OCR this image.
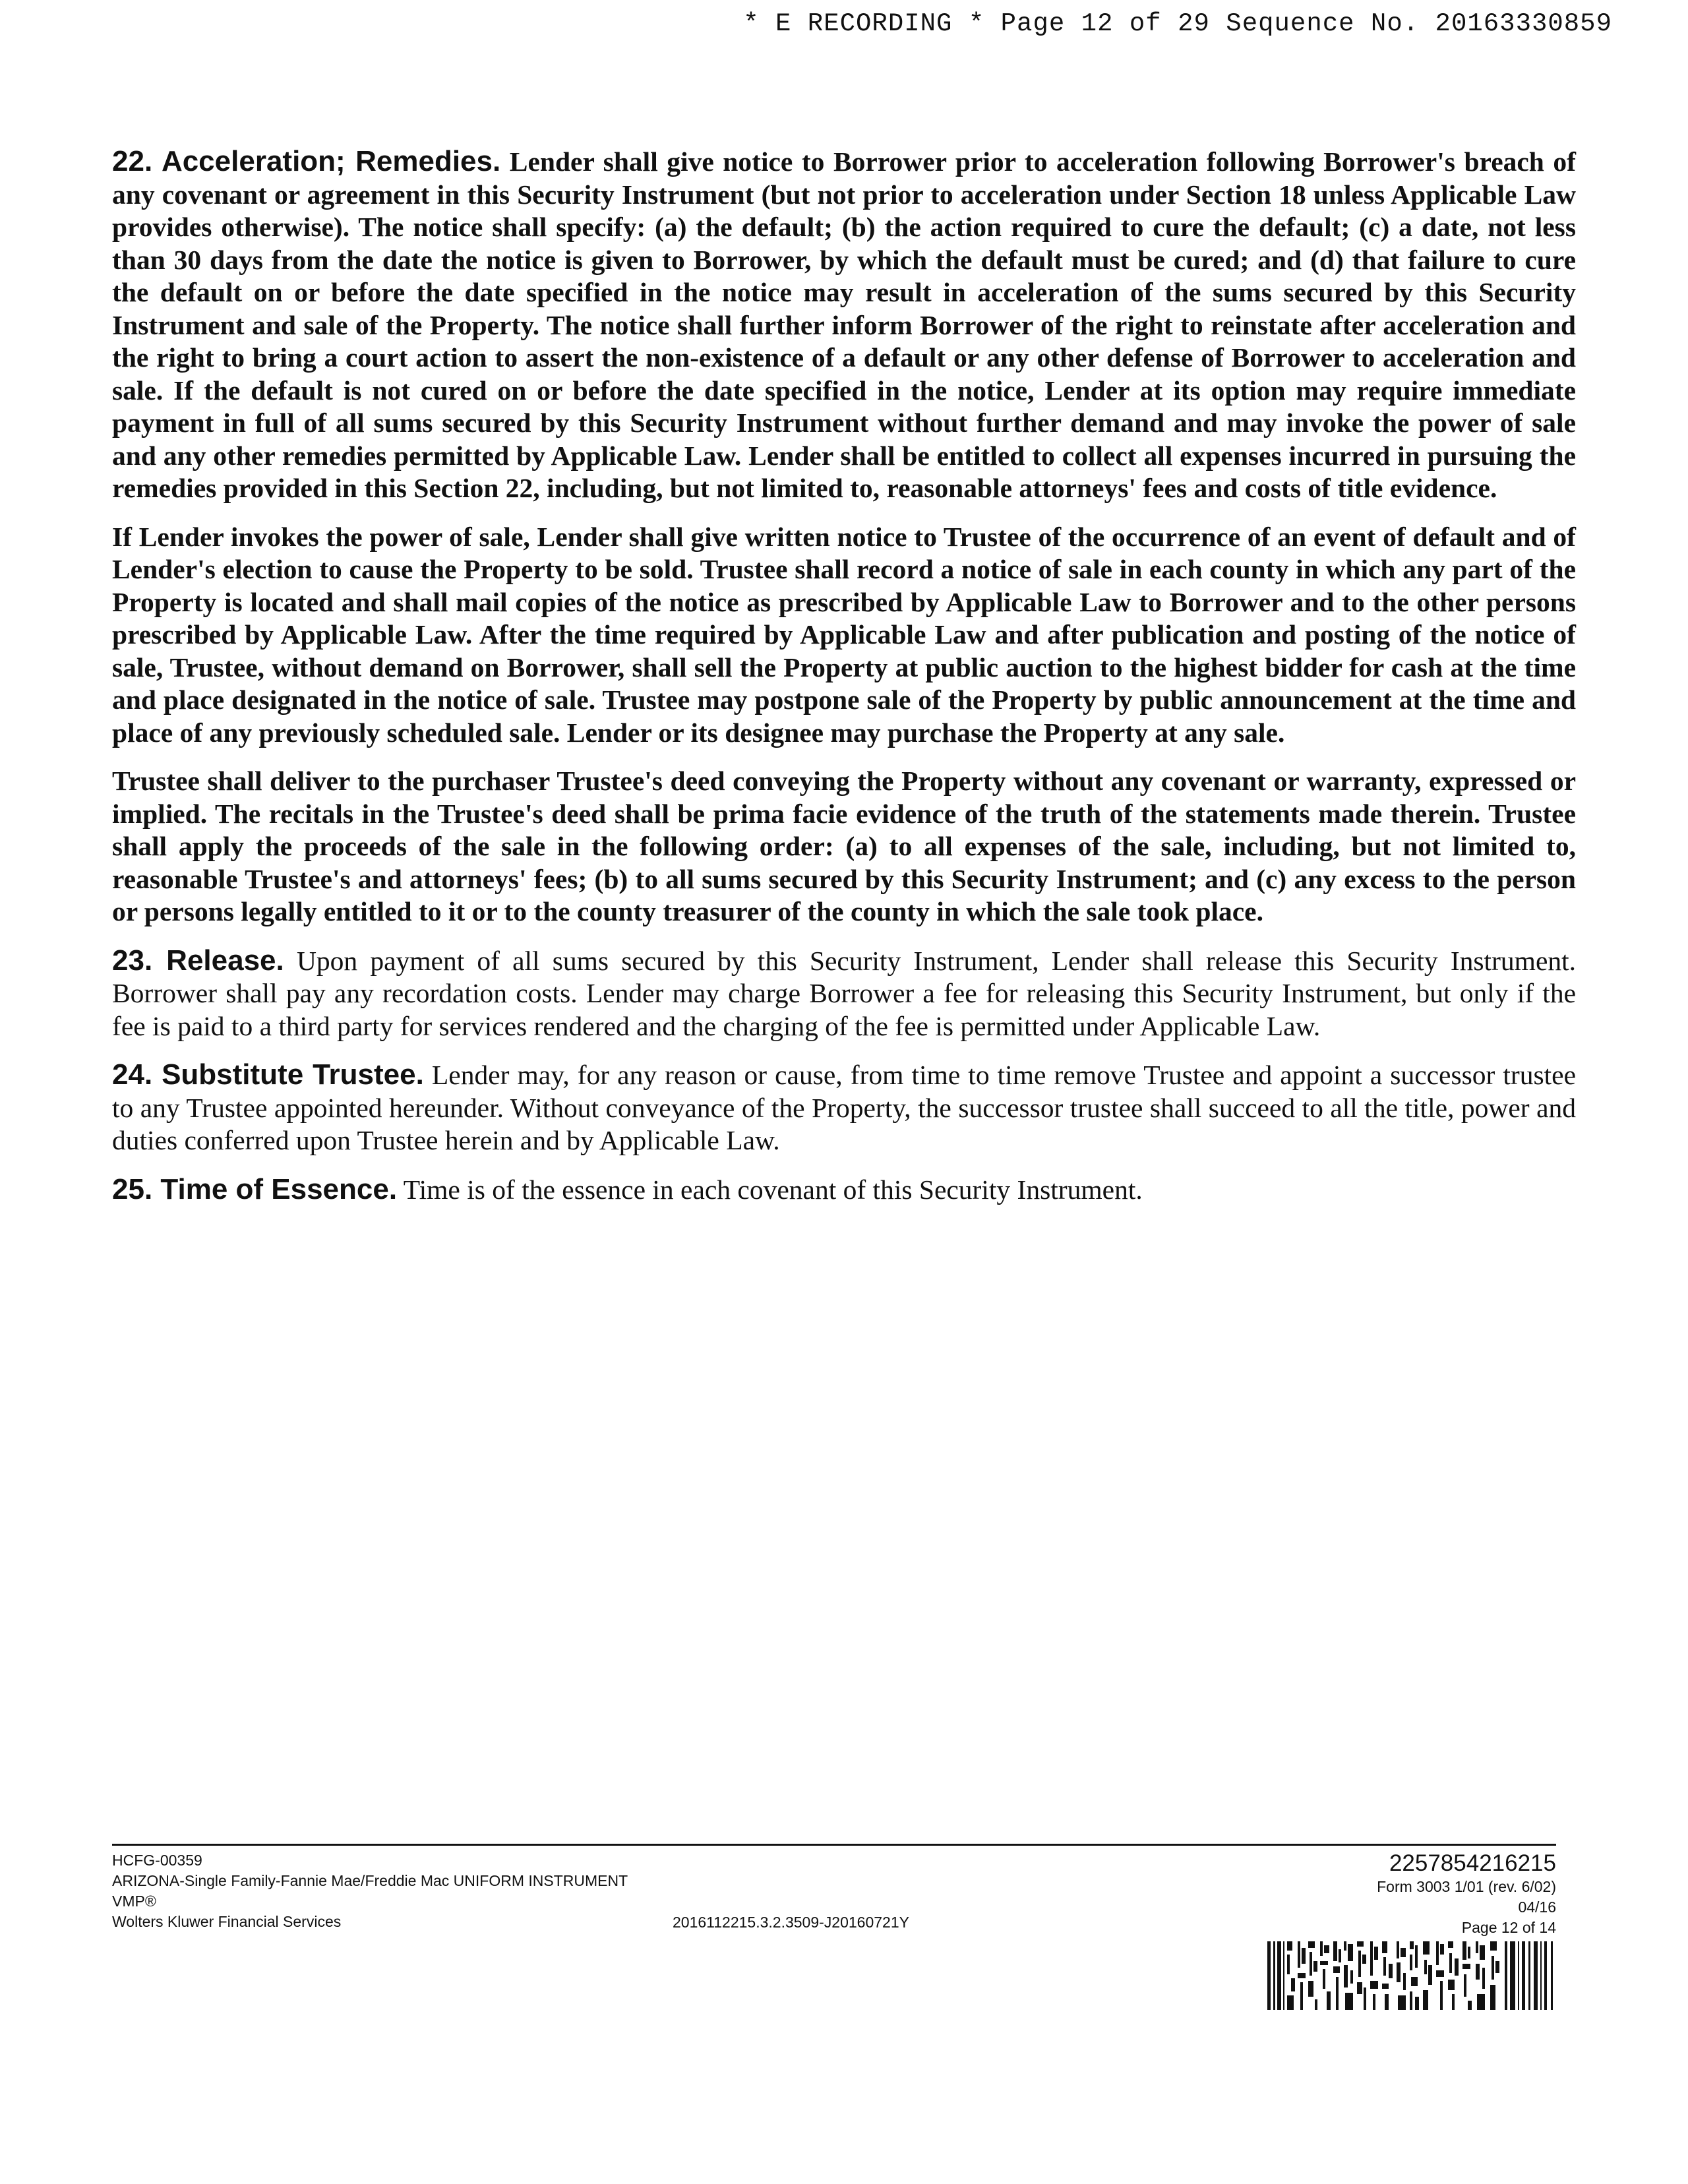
* E RECORDING * Page 12 of 29 Sequence No. 20163330859

22. Acceleration; Remedies. Lender shall give notice to Borrower prior to acceleration following Borrower's breach of any covenant or agreement in this Security Instrument (but not prior to acceleration under Section 18 unless Applicable Law provides otherwise). The notice shall specify: (a) the default; (b) the action required to cure the default; (c) a date, not less than 30 days from the date the notice is given to Borrower, by which the default must be cured; and (d) that failure to cure the default on or before the date specified in the notice may result in acceleration of the sums secured by this Security Instrument and sale of the Property. The notice shall further inform Borrower of the right to reinstate after acceleration and the right to bring a court action to assert the non-existence of a default or any other defense of Borrower to acceleration and sale. If the default is not cured on or before the date specified in the notice, Lender at its option may require immediate payment in full of all sums secured by this Security Instrument without further demand and may invoke the power of sale and any other remedies permitted by Applicable Law. Lender shall be entitled to collect all expenses incurred in pursuing the remedies provided in this Section 22, including, but not limited to, reasonable attorneys' fees and costs of title evidence.

If Lender invokes the power of sale, Lender shall give written notice to Trustee of the occurrence of an event of default and of Lender's election to cause the Property to be sold. Trustee shall record a notice of sale in each county in which any part of the Property is located and shall mail copies of the notice as prescribed by Applicable Law to Borrower and to the other persons prescribed by Applicable Law. After the time required by Applicable Law and after publication and posting of the notice of sale, Trustee, without demand on Borrower, shall sell the Property at public auction to the highest bidder for cash at the time and place designated in the notice of sale. Trustee may postpone sale of the Property by public announcement at the time and place of any previously scheduled sale. Lender or its designee may purchase the Property at any sale.

Trustee shall deliver to the purchaser Trustee's deed conveying the Property without any covenant or warranty, expressed or implied. The recitals in the Trustee's deed shall be prima facie evidence of the truth of the statements made therein. Trustee shall apply the proceeds of the sale in the following order: (a) to all expenses of the sale, including, but not limited to, reasonable Trustee's and attorneys' fees; (b) to all sums secured by this Security Instrument; and (c) any excess to the person or persons legally entitled to it or to the county treasurer of the county in which the sale took place.

23. Release. Upon payment of all sums secured by this Security Instrument, Lender shall release this Security Instrument. Borrower shall pay any recordation costs. Lender may charge Borrower a fee for releasing this Security Instrument, but only if the fee is paid to a third party for services rendered and the charging of the fee is permitted under Applicable Law.

24. Substitute Trustee. Lender may, for any reason or cause, from time to time remove Trustee and appoint a successor trustee to any Trustee appointed hereunder. Without conveyance of the Property, the successor trustee shall succeed to all the title, power and duties conferred upon Trustee herein and by Applicable Law.

25. Time of Essence. Time is of the essence in each covenant of this Security Instrument.

HCFG-00359
ARIZONA-Single Family-Fannie Mae/Freddie Mac UNIFORM INSTRUMENT
VMP®
Wolters Kluwer Financial Services	2016112215.3.2.3509-J20160721Y
2257854216215
Form 3003 1/01 (rev. 6/02)
04/16
Page 12 of 14
